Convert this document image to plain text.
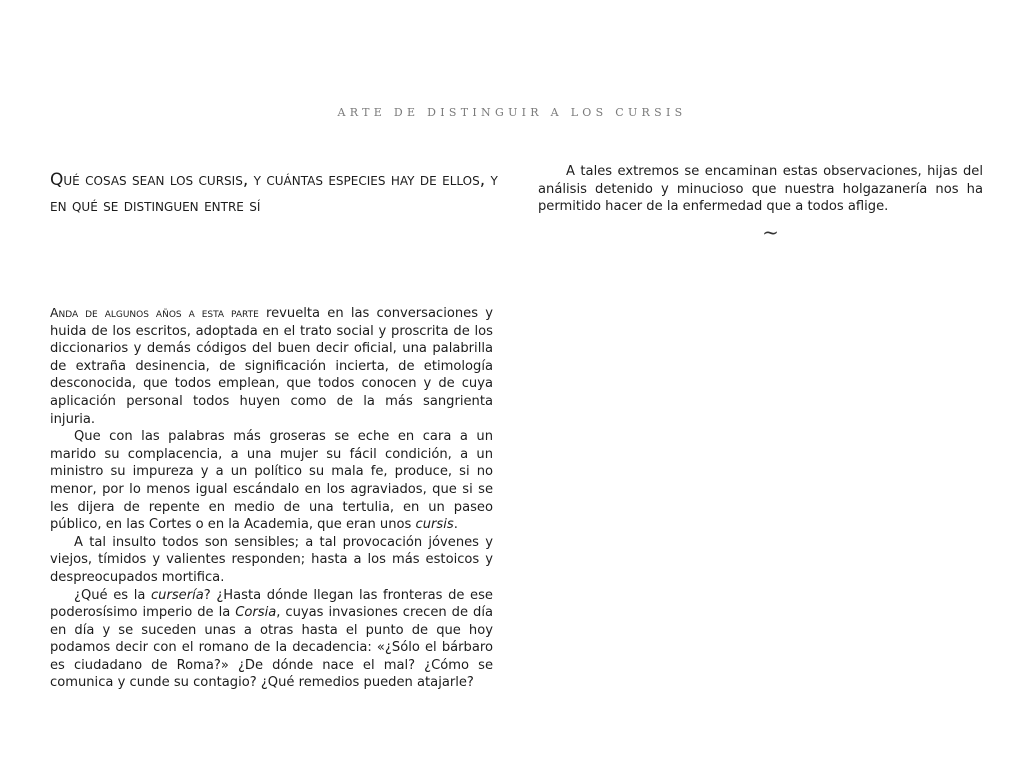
ARTE DE DISTINGUIR A LOS CURSIS
Qué cosas sean los cursis, y cuántas especies hay de ellos, y en qué se distinguen entre sí

Anda de algunos años a esta parte revuelta en las conversaciones y huida de los escritos, adoptada en el trato social y proscrita de los diccionarios y demás códigos del buen decir oficial, una palabrilla de extraña desinencia, de significación incierta, de etimología desconocida, que todos emplean, que todos conocen y de cuya aplicación personal todos huyen como de la más sangrienta injuria.

Que con las palabras más groseras se eche en cara a un marido su complacencia, a una mujer su fácil condición, a un ministro su impureza y a un político su mala fe, produce, si no menor, por lo menos igual escándalo en los agraviados, que si se les dijera de repente en medio de una tertulia, en un paseo público, en las Cortes o en la Academia, que eran unos cursis.

A tal insulto todos son sensibles; a tal provocación jóvenes y viejos, tímidos y valientes responden; hasta a los más estoicos y despreocupados mortifica.

¿Qué es la cursería? ¿Hasta dónde llegan las fronteras de ese poderosísimo imperio de la Corsia, cuyas invasiones crecen de día en día y se suceden unas a otras hasta el punto de que hoy podamos decir con el romano de la decadencia: «¿Sólo el bárbaro es ciudadano de Roma?» ¿De dónde nace el mal? ¿Cómo se comunica y cunde su contagio? ¿Qué remedios pueden atajarle?

A tales extremos se encaminan estas observaciones, hijas del análisis detenido y minucioso que nuestra holgazanería nos ha permitido hacer de la enfermedad que a todos aflige.

~
